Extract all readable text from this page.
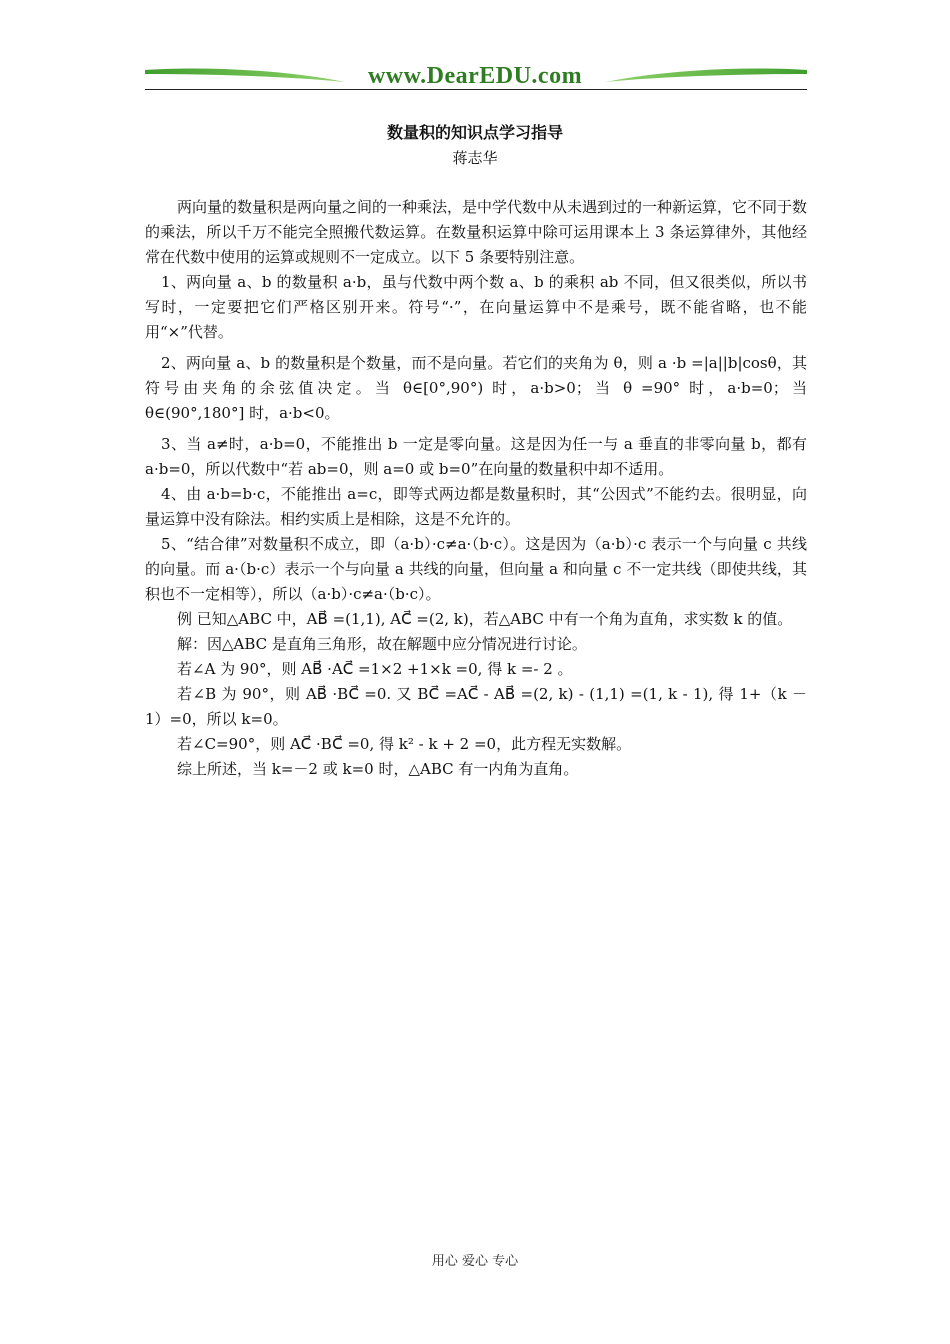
www.DearEDU.com
数量积的知识点学习指导
蒋志华

两向量的数量积是两向量之间的一种乘法，是中学代数中从未遇到过的一种新运算，它不同于数的乘法，所以千万不能完全照搬代数运算。在数量积运算中除可运用课本上 3 条运算律外，其他经常在代数中使用的运算或规则不一定成立。以下 5 条要特别注意。

1、两向量 a、b 的数量积 a·b，虽与代数中两个数 a、b 的乘积 ab 不同，但又很类似，所以书写时，一定要把它们严格区别开来。符号“·”，在向量运算中不是乘号，既不能省略，也不能用“×”代替。

2、两向量 a、b 的数量积是个数量，而不是向量。若它们的夹角为 θ，则 a ·b =|a||b|cosθ，其符号由夹角的余弦值决定。当 θ∈[0°,90°) 时，a·b>0；当 θ =90° 时，a·b=0；当 θ∈(90°,180°] 时，a·b<0。

3、当 a≠时，a·b=0，不能推出 b 一定是零向量。这是因为任一与 a 垂直的非零向量 b，都有 a·b=0，所以代数中“若 ab=0，则 a=0 或 b=0”在向量的数量积中却不适用。

4、由 a·b=b·c，不能推出 a=c，即等式两边都是数量积时，其“公因式”不能约去。很明显，向量运算中没有除法。相约实质上是相除，这是不允许的。

5、“结合律”对数量积不成立，即（a·b）·c≠a·（b·c）。这是因为（a·b）·c 表示一个与向量 c 共线的向量。而 a·（b·c）表示一个与向量 a 共线的向量，但向量 a 和向量 c 不一定共线（即使共线，其积也不一定相等），所以（a·b）·c≠a·（b·c）。

例 已知△ABC 中，AB⃗ =(1,1), AC⃗ =(2, k)，若△ABC 中有一个角为直角，求实数 k 的值。

解：因△ABC 是直角三角形，故在解题中应分情况进行讨论。

若∠A 为 90°，则 AB⃗ ·AC⃗ =1×2 +1×k =0, 得 k =- 2 。

若∠B 为 90°，则 AB⃗ ·BC⃗ =0. 又 BC⃗ =AC⃗ - AB⃗ =(2, k) - (1,1) =(1, k - 1), 得 1+（k －1）=0，所以 k=0。

若∠C=90°，则 AC⃗ ·BC⃗ =0, 得 k² - k + 2 =0，此方程无实数解。

综上所述，当 k=－2 或 k=0 时，△ABC 有一内角为直角。

用心 爱心 专心
